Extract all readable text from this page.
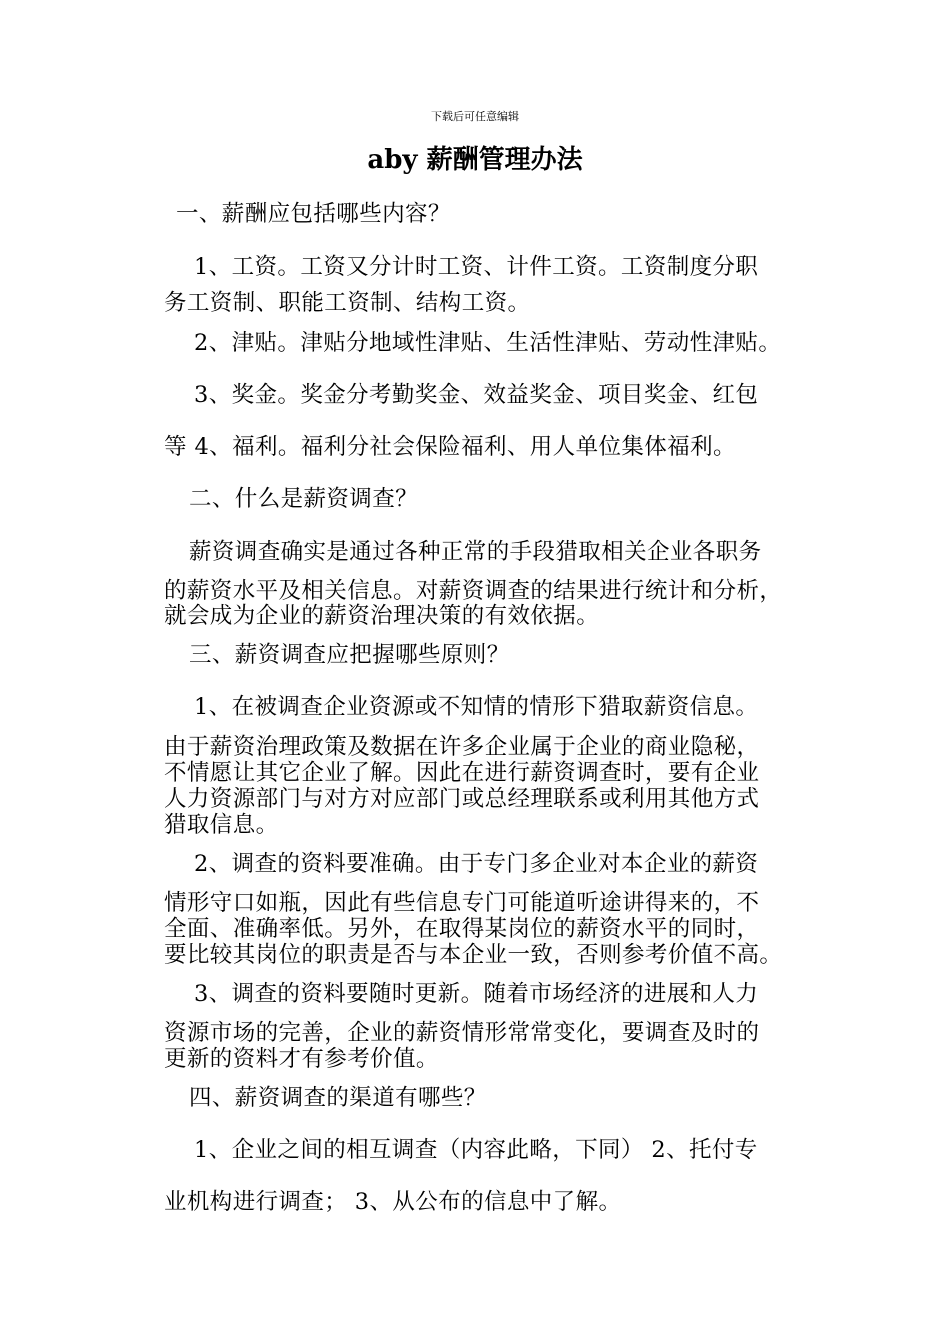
下载后可任意编辑
aby 薪酬管理办法
一、薪酬应包括哪些内容？
1、工资。工资又分计时工资、计件工资。工资制度分职
务工资制、职能工资制、结构工资。
2、津贴。津贴分地域性津贴、生活性津贴、劳动性津贴。
3、奖金。奖金分考勤奖金、效益奖金、项目奖金、红包
等 4、福利。福利分社会保险福利、用人单位集体福利。
二、什么是薪资调查？
薪资调查确实是通过各种正常的手段猎取相关企业各职务
的薪资水平及相关信息。对薪资调查的结果进行统计和分析，
就会成为企业的薪资治理决策的有效依据。
三、薪资调查应把握哪些原则？
1、在被调查企业资源或不知情的情形下猎取薪资信息。
由于薪资治理政策及数据在许多企业属于企业的商业隐秘，
不情愿让其它企业了解。因此在进行薪资调查时，要有企业
人力资源部门与对方对应部门或总经理联系或利用其他方式
猎取信息。
2、调查的资料要准确。由于专门多企业对本企业的薪资
情形守口如瓶，因此有些信息专门可能道听途讲得来的，不
全面、准确率低。另外，在取得某岗位的薪资水平的同时，
要比较其岗位的职责是否与本企业一致，否则参考价值不高。
3、调查的资料要随时更新。随着市场经济的进展和人力
资源市场的完善，企业的薪资情形常常变化，要调查及时的
更新的资料才有参考价值。
四、薪资调查的渠道有哪些？
1、企业之间的相互调查（内容此略，下同） 2、托付专
业机构进行调查； 3、从公布的信息中了解。
